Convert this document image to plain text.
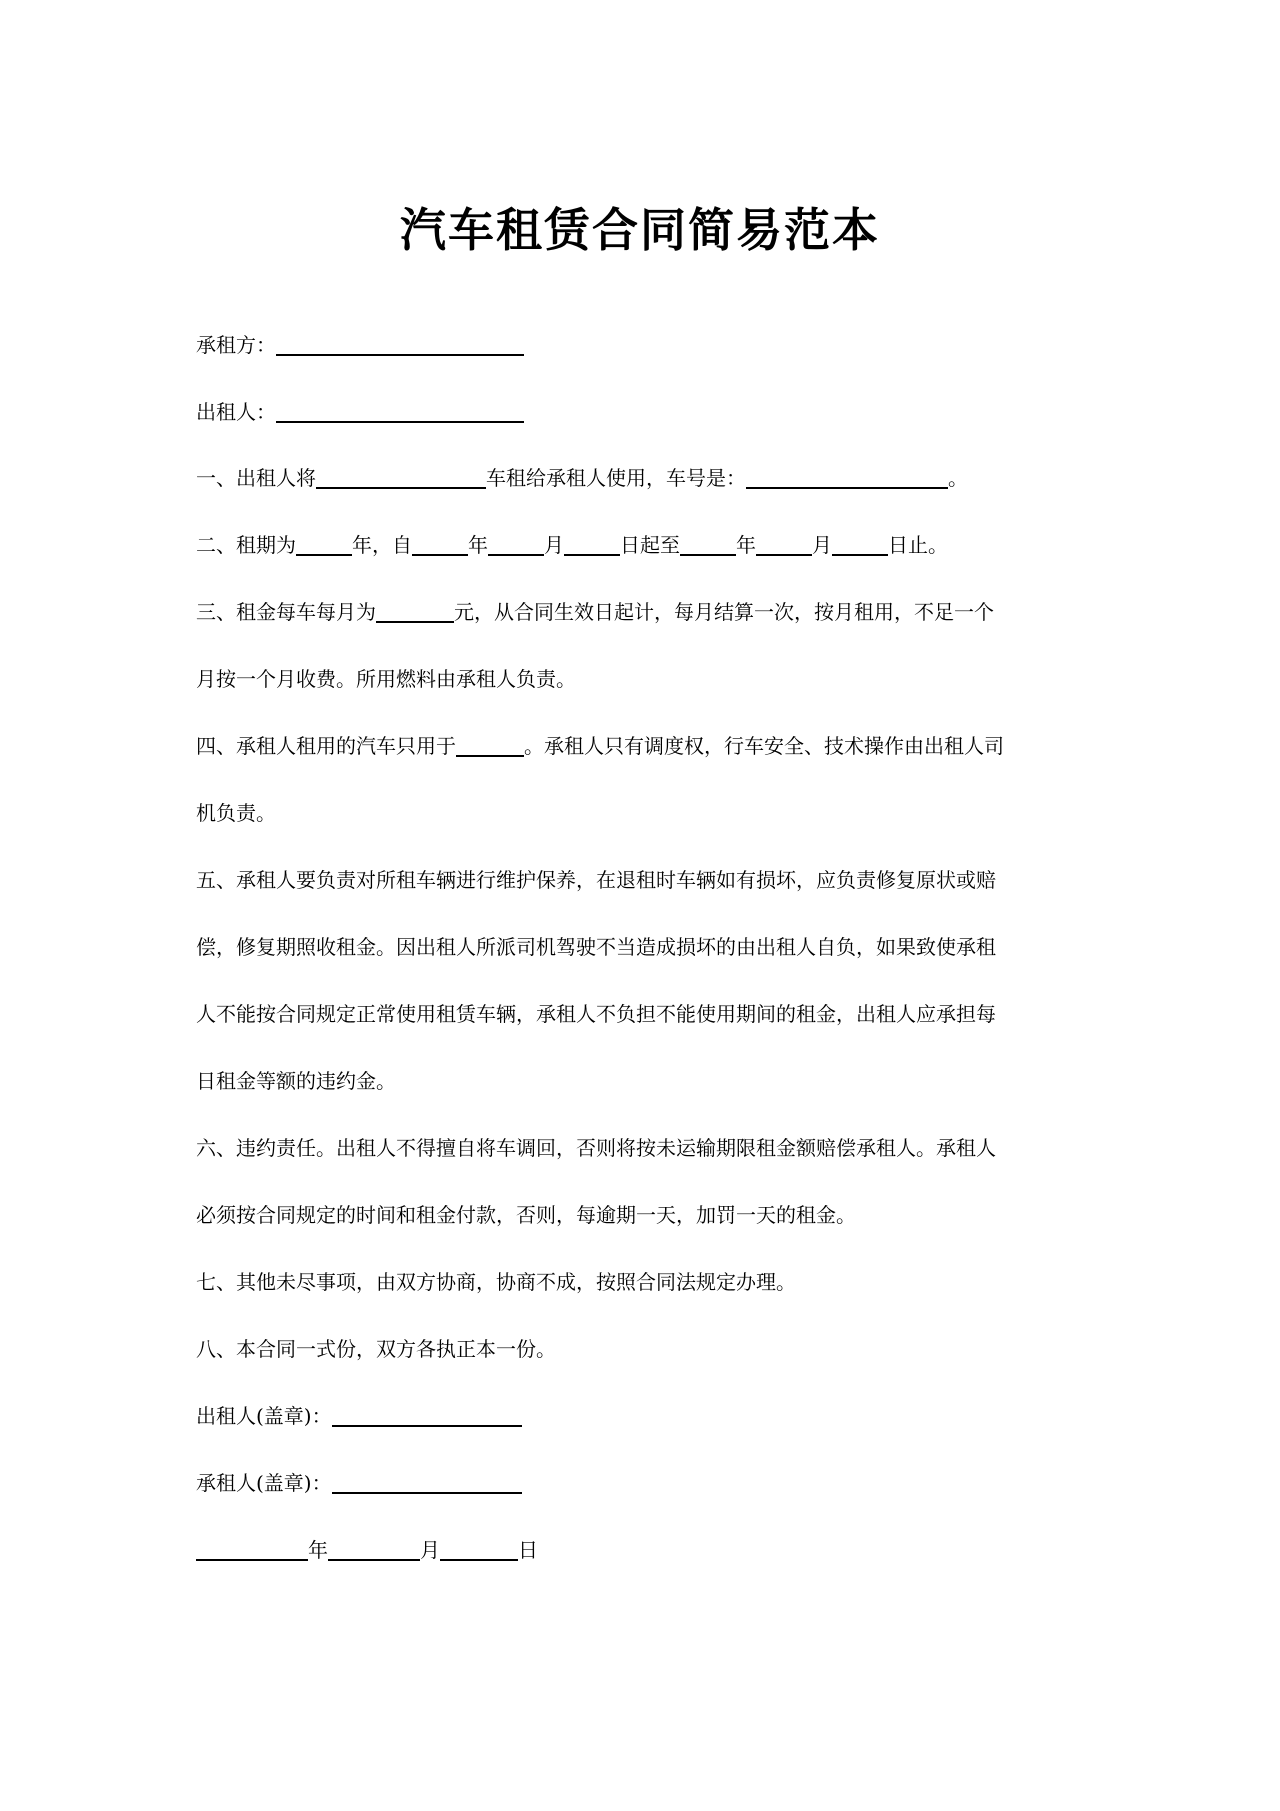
汽车租赁合同简易范本
承租方：
出租人：
一、出租人将	车租给承租人使用，车号是：	。
二、租期为	年，自	年	月	日起至	年	月	日止。
三、租金每车每月为	元，从合同生效日起计，每月结算一次，按月租用，不足一个
月按一个月收费。所用燃料由承租人负责。
四、承租人租用的汽车只用于	。承租人只有调度权，行车安全、技术操作由出租人司
机负责。
五、承租人要负责对所租车辆进行维护保养，在退租时车辆如有损坏，应负责修复原状或赔
偿，修复期照收租金。因出租人所派司机驾驶不当造成损坏的由出租人自负，如果致使承租
人不能按合同规定正常使用租赁车辆，承租人不负担不能使用期间的租金，出租人应承担每
日租金等额的违约金。
六、违约责任。出租人不得擅自将车调回，否则将按未运输期限租金额赔偿承租人。承租人
必须按合同规定的时间和租金付款，否则，每逾期一天，加罚一天的租金。
七、其他未尽事项，由双方协商，协商不成，按照合同法规定办理。
八、本合同一式份，双方各执正本一份。
出租人(盖章)：
承租人(盖章)：
年	月	日
